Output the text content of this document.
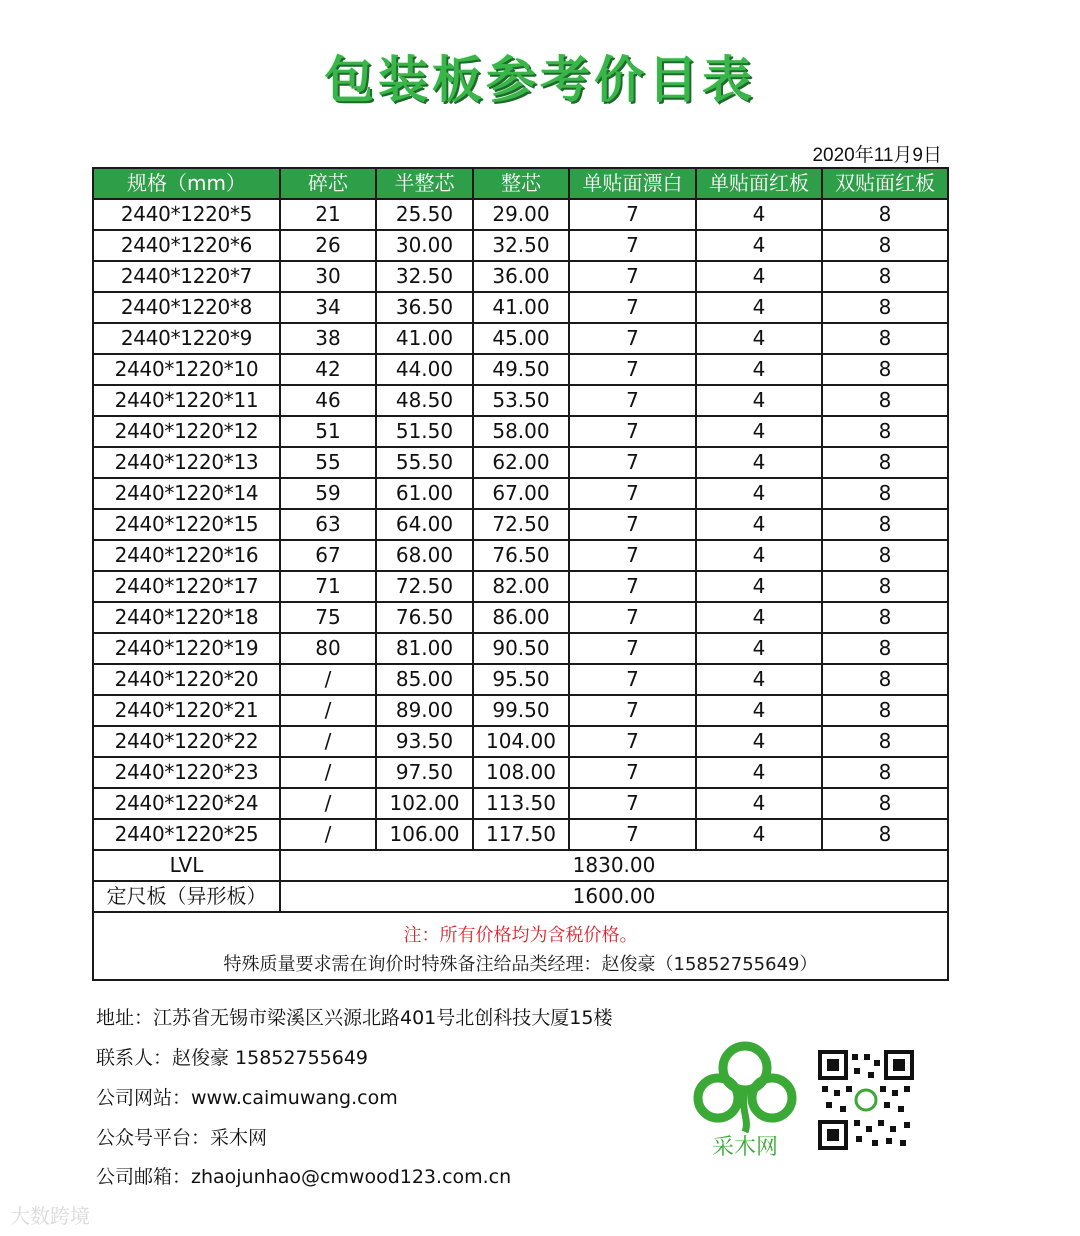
包装板参考价目表
2020年11月9日
规格（mm）	碎芯	半整芯	整芯	单贴面漂白	单贴面红板	双贴面红板
2440*1220*5	21	25.50	29.00	7	4	8
2440*1220*6	26	30.00	32.50	7	4	8
2440*1220*7	30	32.50	36.00	7	4	8
2440*1220*8	34	36.50	41.00	7	4	8
2440*1220*9	38	41.00	45.00	7	4	8
2440*1220*10	42	44.00	49.50	7	4	8
2440*1220*11	46	48.50	53.50	7	4	8
2440*1220*12	51	51.50	58.00	7	4	8
2440*1220*13	55	55.50	62.00	7	4	8
2440*1220*14	59	61.00	67.00	7	4	8
2440*1220*15	63	64.00	72.50	7	4	8
2440*1220*16	67	68.00	76.50	7	4	8
2440*1220*17	71	72.50	82.00	7	4	8
2440*1220*18	75	76.50	86.00	7	4	8
2440*1220*19	80	81.00	90.50	7	4	8
2440*1220*20	/	85.00	95.50	7	4	8
2440*1220*21	/	89.00	99.50	7	4	8
2440*1220*22	/	93.50	104.00	7	4	8
2440*1220*23	/	97.50	108.00	7	4	8
2440*1220*24	/	102.00	113.50	7	4	8
2440*1220*25	/	106.00	117.50	7	4	8
LVL	1830.00					
定尺板（异形板）	1600.00					

注：所有价格均为含税价格。
特殊质量要求需在询价时特殊备注给品类经理：赵俊豪（15852755649）						
地址：江苏省无锡市梁溪区兴源北路401号北创科技大厦15楼
联系人：赵俊豪 15852755649
公司网站：www.caimuwang.com
公众号平台：采木网
公司邮箱：zhaojunhao@cmwood123.com.cn
采木网
大数跨境
